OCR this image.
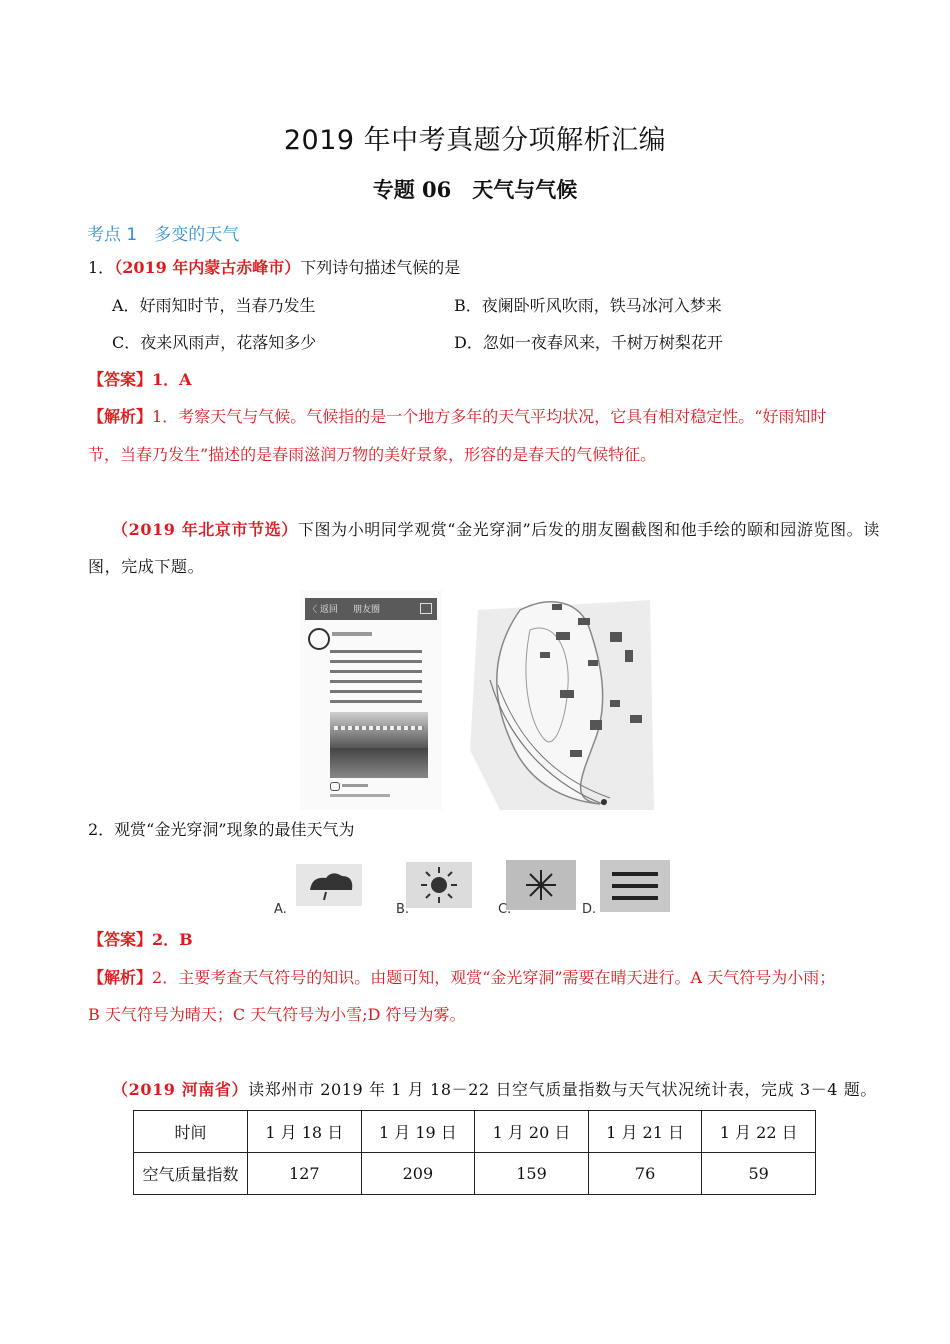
2019 年中考真题分项解析汇编
专题 06　天气与气候
考点 1　多变的天气
1．（2019 年内蒙古赤峰市）下列诗句描述气候的是
A．好雨知时节，当春乃发生	B．夜阑卧听风吹雨，铁马冰河入梦来
C．夜来风雨声，花落知多少	D．忽如一夜春风来，千树万树梨花开
【答案】1．A
【解析】1．考察天气与气候。气候指的是一个地方多年的天气平均状况，它具有相对稳定性。“好雨知时
节，当春乃发生”描述的是春雨滋润万物的美好景象，形容的是春天的气候特征。
（2019 年北京市节选）下图为小明同学观赏“金光穿洞”后发的朋友圈截图和他手绘的颐和园游览图。读
图，完成下题。
〈 返回 朋友圈
2．观赏“金光穿洞”现象的最佳天气为
A.	B.	C.	D.
【答案】2．B
【解析】2．主要考查天气符号的知识。由题可知，观赏“金光穿洞”需要在晴天进行。A 天气符号为小雨；
B 天气符号为晴天；C 天气符号为小雪;D 符号为雾。
（2019 河南省）读郑州市 2019 年 1 月 18－22 日空气质量指数与天气状况统计表，完成 3－4 题。
时间	1 月 18 日	1 月 19 日	1 月 20 日	1 月 21 日	1 月 22 日
空气质量指数	127	209	159	76	59
